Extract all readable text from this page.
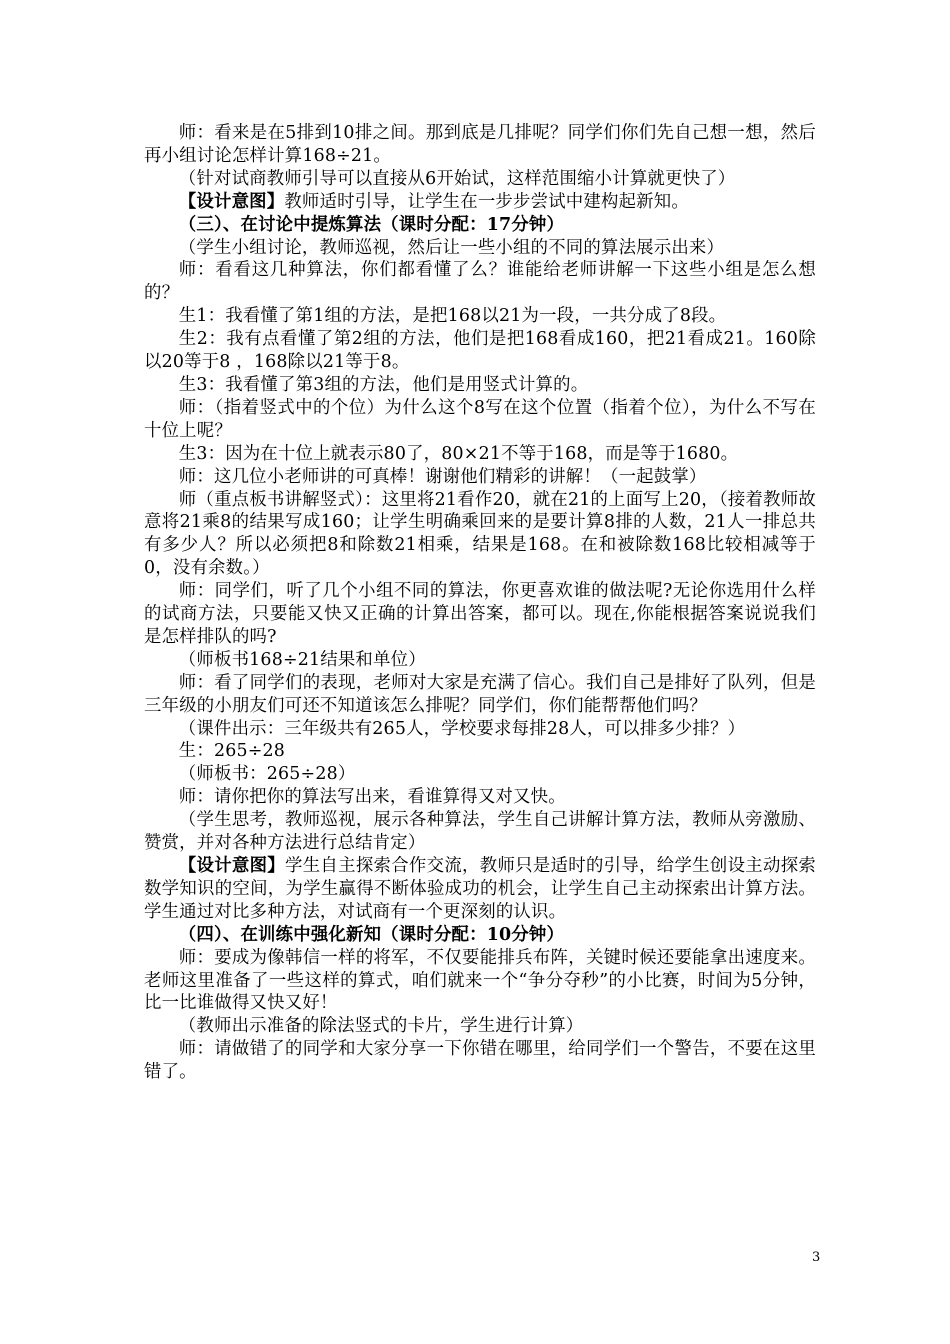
师：看来是在5排到10排之间。那到底是几排呢？同学们你们先自己想一想，然后再小组讨论怎样计算168÷21。

（针对试商教师引导可以直接从6开始试，这样范围缩小计算就更快了）

【设计意图】教师适时引导，让学生在一步步尝试中建构起新知。

（三）、在讨论中提炼算法（课时分配：17分钟）

（学生小组讨论，教师巡视，然后让一些小组的不同的算法展示出来）

师：看看这几种算法，你们都看懂了么？谁能给老师讲解一下这些小组是怎么想的？

生1：我看懂了第1组的方法，是把168以21为一段，一共分成了8段。

生2：我有点看懂了第2组的方法，他们是把168看成160，把21看成21。160除以20等于8 ，168除以21等于8。

生3：我看懂了第3组的方法，他们是用竖式计算的。

师：（指着竖式中的个位）为什么这个8写在这个位置（指着个位），为什么不写在十位上呢？

生3：因为在十位上就表示80了，80×21不等于168，而是等于1680。

师：这几位小老师讲的可真棒！谢谢他们精彩的讲解！（一起鼓掌）

师（重点板书讲解竖式）：这里将21看作20，就在21的上面写上20，（接着教师故意将21乘8的结果写成160；让学生明确乘回来的是要计算8排的人数，21人一排总共有多少人？所以必须把8和除数21相乘，结果是168。在和被除数168比较相减等于0，没有余数。）

师：同学们，听了几个小组不同的算法，你更喜欢谁的做法呢?无论你选用什么样的试商方法，只要能又快又正确的计算出答案，都可以。现在,你能根据答案说说我们是怎样排队的吗?

（师板书168÷21结果和单位）

师：看了同学们的表现，老师对大家是充满了信心。我们自己是排好了队列，但是三年级的小朋友们可还不知道该怎么排呢？同学们，你们能帮帮他们吗？

（课件出示：三年级共有265人，学校要求每排28人，可以排多少排？）

生：265÷28

（师板书：265÷28）

师：请你把你的算法写出来，看谁算得又对又快。

（学生思考，教师巡视，展示各种算法，学生自己讲解计算方法，教师从旁激励、赞赏，并对各种方法进行总结肯定）

【设计意图】学生自主探索合作交流，教师只是适时的引导，给学生创设主动探索数学知识的空间，为学生赢得不断体验成功的机会，让学生自己主动探索出计算方法。学生通过对比多种方法，对试商有一个更深刻的认识。

（四）、在训练中强化新知（课时分配：10分钟）

师：要成为像韩信一样的将军，不仅要能排兵布阵，关键时候还要能拿出速度来。老师这里准备了一些这样的算式，咱们就来一个“争分夺秒”的小比赛，时间为5分钟，比一比谁做得又快又好！

（教师出示准备的除法竖式的卡片，学生进行计算）

师：请做错了的同学和大家分享一下你错在哪里，给同学们一个警告，不要在这里错了。

3
